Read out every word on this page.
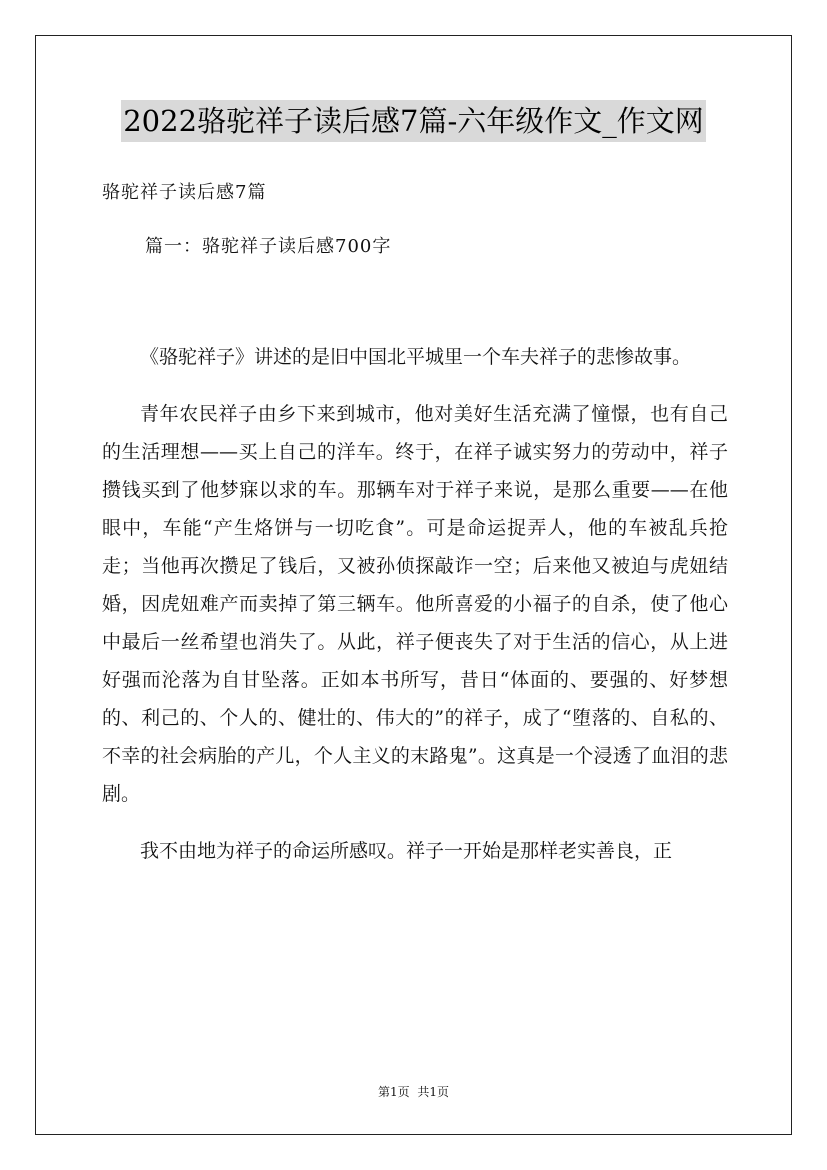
2022骆驼祥子读后感7篇-六年级作文_作文网
骆驼祥子读后感7篇
篇一：骆驼祥子读后感700字

《骆驼祥子》讲述的是旧中国北平城里一个车夫祥子的悲惨故事。

青年农民祥子由乡下来到城市，他对美好生活充满了憧憬，也有自己的生活理想——买上自己的洋车。终于，在祥子诚实努力的劳动中，祥子攒钱买到了他梦寐以求的车。那辆车对于祥子来说，是那么重要——在他眼中，车能“产生烙饼与一切吃食”。可是命运捉弄人，他的车被乱兵抢走；当他再次攒足了钱后，又被孙侦探敲诈一空；后来他又被迫与虎妞结婚，因虎妞难产而卖掉了第三辆车。他所喜爱的小福子的自杀，使了他心中最后一丝希望也消失了。从此，祥子便丧失了对于生活的信心，从上进好强而沦落为自甘坠落。正如本书所写，昔日“体面的、要强的、好梦想的、利己的、个人的、健壮的、伟大的”的祥子，成了“堕落的、自私的、不幸的社会病胎的产儿，个人主义的末路鬼”。这真是一个浸透了血泪的悲剧。

我不由地为祥子的命运所感叹。祥子一开始是那样老实善良，正

第1页 共1页
